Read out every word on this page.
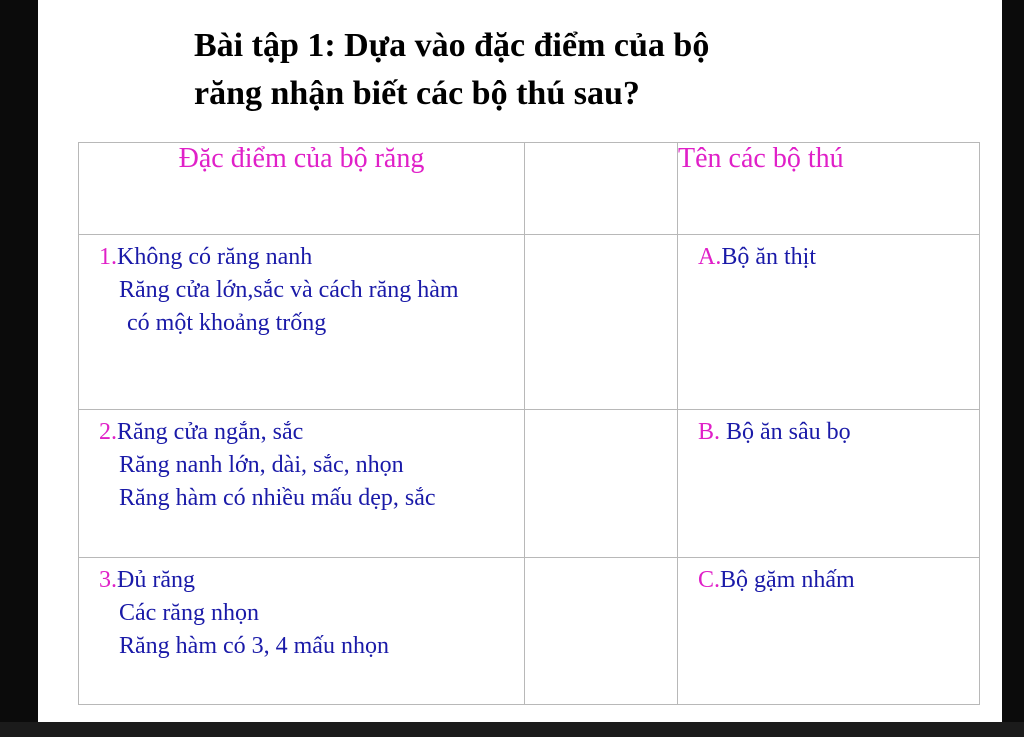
Bài tập 1: Dựa vào đặc điểm của bộ
răng nhận biết các bộ thú sau?
Đặc điểm của bộ răng		Tên các bộ thú

1.Không có răng nanh
Răng cửa lớn,sắc và cách răng hàm
có một khoảng trống		A.Bộ ăn thịt

2.Răng cửa ngắn, sắc
Răng nanh lớn, dài, sắc, nhọn
Răng hàm có nhiều mấu dẹp, sắc		B. Bộ ăn sâu bọ

3.Đủ răng
Các răng nhọn
Răng hàm có 3, 4 mấu nhọn		C.Bộ gặm nhấm
